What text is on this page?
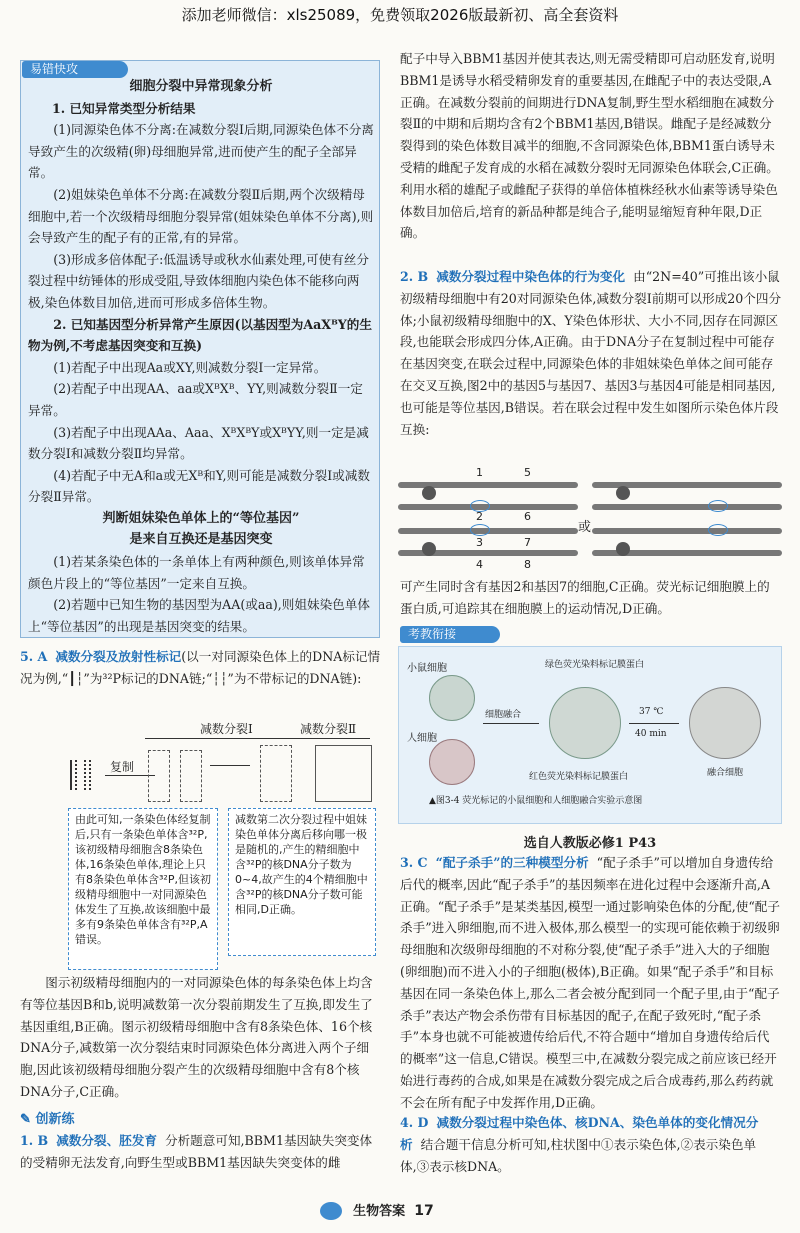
添加老师微信：xls25089，免费领取2026版最新初、高全套资料
易错快攻
细胞分裂中异常现象分析
1. 已知异常类型分析结果

(1)同源染色体不分离:在减数分裂Ⅰ后期,同源染色体不分离导致产生的次级精(卵)母细胞异常,进而使产生的配子全部异常。

(2)姐妹染色单体不分离:在减数分裂Ⅱ后期,两个次级精母细胞中,若一个次级精母细胞分裂异常(姐妹染色单体不分离),则会导致产生的配子有的正常,有的异常。

(3)形成多倍体配子:低温诱导或秋水仙素处理,可使有丝分裂过程中纺锤体的形成受阻,导致体细胞内染色体不能移向两极,染色体数目加倍,进而可形成多倍体生物。

2. 已知基因型分析异常产生原因(以基因型为AaXᴮY的生物为例,不考虑基因突变和互换)

(1)若配子中出现Aa或XY,则减数分裂Ⅰ一定异常。

(2)若配子中出现AA、aa或XᴮXᴮ、YY,则减数分裂Ⅱ一定异常。

(3)若配子中出现AAa、Aaa、XᴮXᴮY或XᴮYY,则一定是减数分裂Ⅰ和减数分裂Ⅱ均异常。

(4)若配子中无A和a或无Xᴮ和Y,则可能是减数分裂Ⅰ或减数分裂Ⅱ异常。

判断姐妹染色单体上的“等位基因”
是来自互换还是基因突变

(1)若某条染色体的一条单体上有两种颜色,则该单体异常颜色片段上的“等位基因”一定来自互换。

(2)若题中已知生物的基因型为AA(或aa),则姐妹染色单体上“等位基因”的出现是基因突变的结果。

5. A 减数分裂及放射性标记(以一对同源染色体上的DNA标记情况为例,“┃┆”为³²P标记的DNA链;“┆┆”为不带标记的DNA链):

减数分裂Ⅰ	减数分裂Ⅱ
复制
由此可知,一条染色体经复制后,只有一条染色单体含³²P,该初级精母细胞含8条染色体,16条染色单体,理论上只有8条染色单体含³²P,但该初级精母细胞中一对同源染色体发生了互换,故该细胞中最多有9条染色单体含有³²P,A错误。
减数第二次分裂过程中姐妹染色单体分离后移向哪一极是随机的,产生的精细胞中含³²P的核DNA分子数为0~4,故产生的4个精细胞中含³²P的核DNA分子数可能相同,D正确。

图示初级精母细胞内的一对同源染色体的每条染色体上均含有等位基因B和b,说明减数第一次分裂前期发生了互换,即发生了基因重组,B正确。图示初级精母细胞中含有8条染色体、16个核DNA分子,减数第一次分裂结束时同源染色体分离进入两个子细胞,因此该初级精母细胞分裂产生的次级精母细胞中含有8个核DNA分子,C正确。

✎ 创新练

1. B 减数分裂、胚发育 分析题意可知,BBM1基因缺失突变体的受精卵无法发育,向野生型或BBM1基因缺失突变体的雌

配子中导入BBM1基因并使其表达,则无需受精即可启动胚发育,说明BBM1是诱导水稻受精卵发育的重要基因,在雌配子中的表达受限,A正确。在减数分裂前的间期进行DNA复制,野生型水稻细胞在减数分裂Ⅱ的中期和后期均含有2个BBM1基因,B错误。雌配子是经减数分裂得到的染色体数目减半的细胞,不含同源染色体,BBM1蛋白诱导未受精的雌配子发育成的水稻在减数分裂时无同源染色体联会,C正确。利用水稻的雄配子或雌配子获得的单倍体植株经秋水仙素等诱导染色体数目加倍后,培育的新品种都是纯合子,能明显缩短育种年限,D正确。

2. B 减数分裂过程中染色体的行为变化 由“2N=40”可推出该小鼠初级精母细胞中有20对同源染色体,减数分裂Ⅰ前期可以形成20个四分体;小鼠初级精母细胞中的X、Y染色体形状、大小不同,因存在同源区段,也能联会形成四分体,A正确。由于DNA分子在复制过程中可能存在基因突变,在联会过程中,同源染色体的非姐妹染色单体之间可能存在交叉互换,图2中的基因5与基因7、基因3与基因4可能是相同基因,也可能是等位基因,B错误。若在联会过程中发生如图所示染色体片段互换:

1	5
2	6
3	7
4	8
或

可产生同时含有基因2和基因7的细胞,C正确。荧光标记细胞膜上的蛋白质,可追踪其在细胞膜上的运动情况,D正确。

考教衔接
小鼠细胞
人细胞
细胞融合
绿色荧光染料标记膜蛋白
红色荧光染料标记膜蛋白
37 ℃
40 min
融合细胞
▲图3-4 荧光标记的小鼠细胞和人细胞融合实验示意图
选自人教版必修1 P43

3. C “配子杀手”的三种模型分析 “配子杀手”可以增加自身遗传给后代的概率,因此“配子杀手”的基因频率在进化过程中会逐渐升高,A正确。“配子杀手”是某类基因,模型一通过影响染色体的分配,使“配子杀手”进入卵细胞,而不进入极体,那么模型一的实现可能依赖于初级卵母细胞和次级卵母细胞的不对称分裂,使“配子杀手”进入大的子细胞(卵细胞)而不进入小的子细胞(极体),B正确。如果“配子杀手”和目标基因在同一条染色体上,那么二者会被分配到同一个配子里,由于“配子杀手”表达产物会杀伤带有目标基因的配子,在配子致死时,“配子杀手”本身也就不可能被遗传给后代,不符合题中“增加自身遗传给后代的概率”这一信息,C错误。模型三中,在减数分裂完成之前应该已经开始进行毒药的合成,如果是在减数分裂完成之后合成毒药,那么药药就不会在所有配子中发挥作用,D正确。

4. D 减数分裂过程中染色体、核DNA、染色单体的变化情况分析 结合题干信息分析可知,柱状图中①表示染色体,②表示染色单体,③表示核DNA。

生物答案 17
